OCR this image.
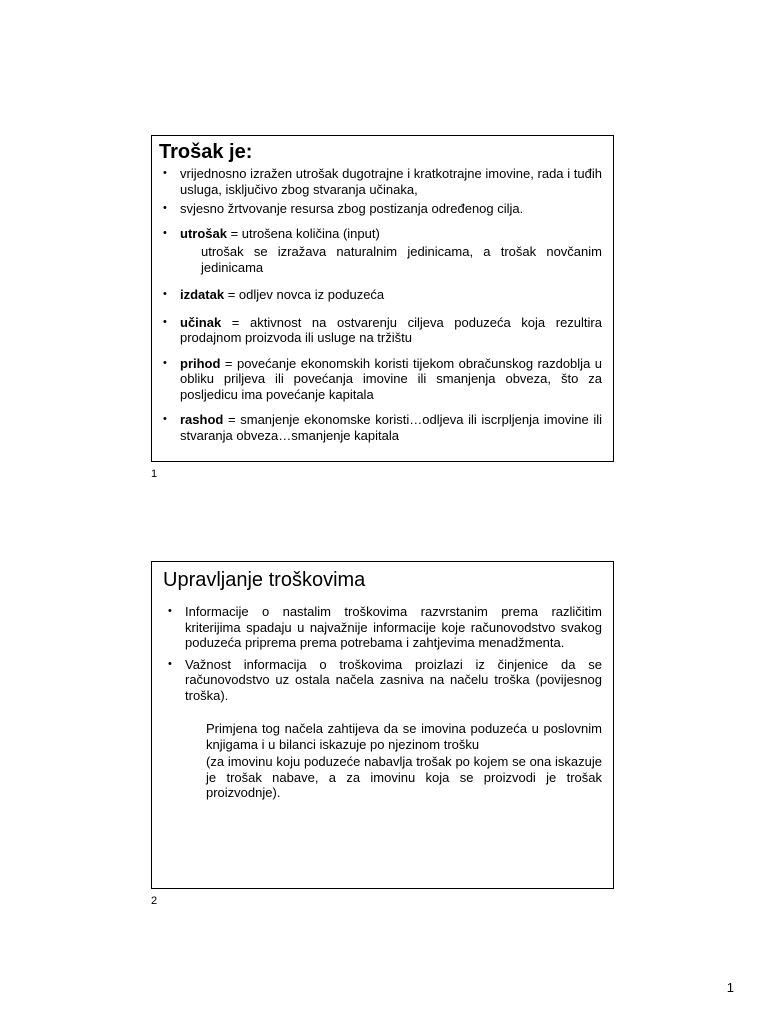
Trošak je:
• vrijednosno izražen utrošak dugotrajne i kratkotrajne imovine, rada i tuđih usluga, isključivo zbog stvaranja učinaka,
• svjesno žrtvovanje resursa zbog postizanja određenog cilja.
• utrošak = utrošena količina (input)
utrošak se izražava naturalnim jedinicama, a trošak novčanim jedinicama
• izdatak = odljev novca iz poduzeća
• učinak = aktivnost na ostvarenju ciljeva poduzeća koja rezultira prodajnom proizvoda ili usluge na tržištu
• prihod = povećanje ekonomskih koristi tijekom obračunskog razdoblja u obliku priljeva ili povećanja imovine ili smanjenja obveza, što za posljedicu ima povećanje kapitala
• rashod = smanjenje ekonomske koristi…odljeva ili iscrpljenja imovine ili stvaranja obveza…smanjenje kapitala
1
Upravljanje troškovima
• Informacije o nastalim troškovima razvrstanim prema različitim kriterijima spadaju u najvažnije informacije koje računovodstvo svakog poduzeća priprema prema potrebama i zahtjevima menadžmenta.
• Važnost informacija o troškovima proizlazi iz činjenice da se računovodstvo uz ostala načela zasniva na načelu troška (povijesnog troška).
Primjena tog načela zahtijeva da se imovina poduzeća u poslovnim knjigama i u bilanci iskazuje po njezinom trošku
(za imovinu koju poduzeće nabavlja trošak po kojem se ona iskazuje je trošak nabave, a za imovinu koja se proizvodi je trošak proizvodnje).
2
1
